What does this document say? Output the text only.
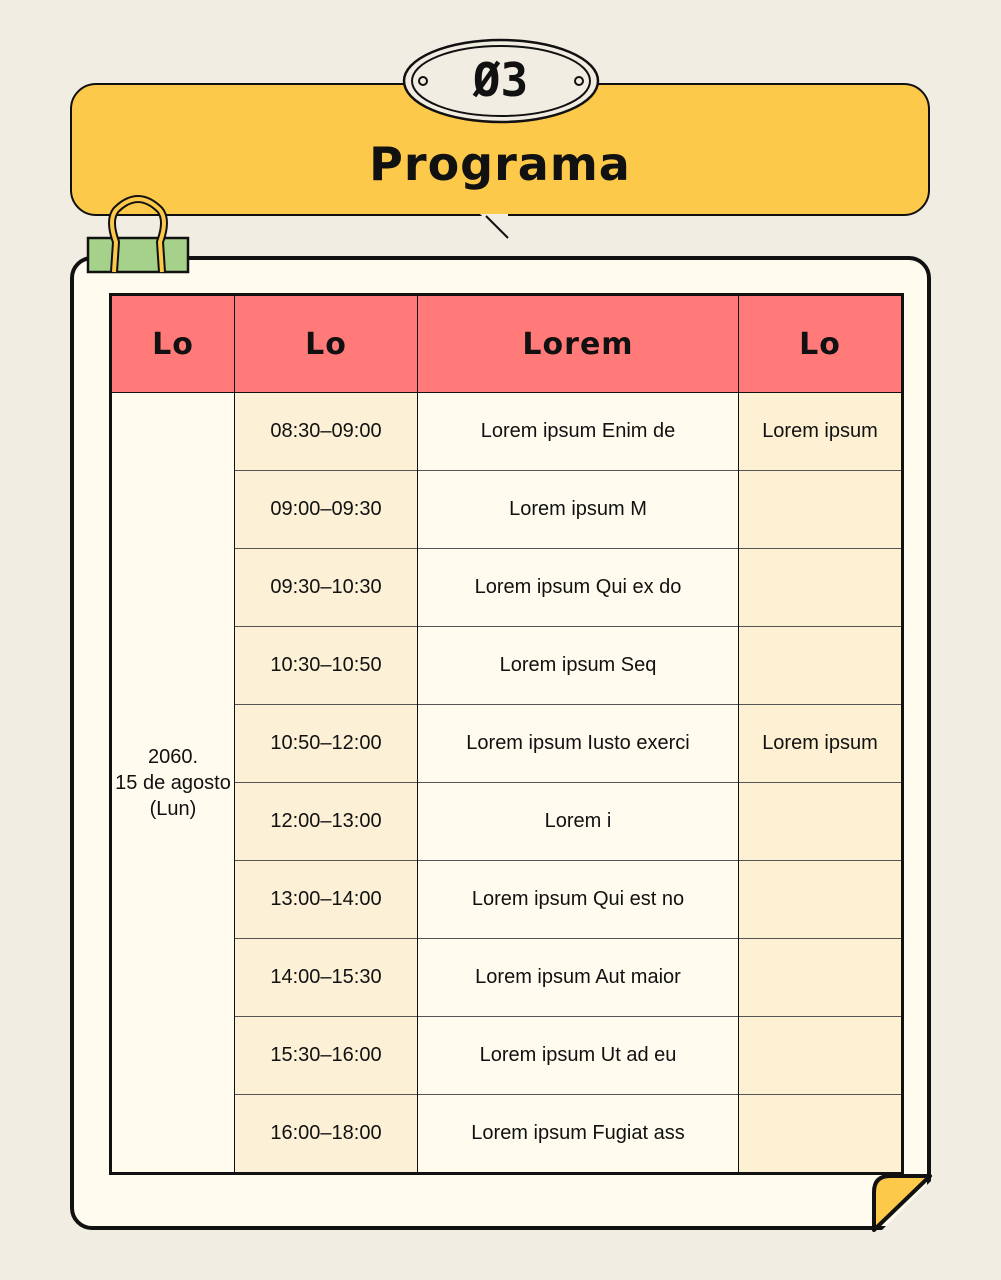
Programa
Ø3
Lo	Lo	Lorem	Lo

2060.
15 de agosto
(Lun)	08:30–09:00	Lorem ipsum Enim de	Lorem ipsum
	09:00–09:30	Lorem ipsum M	
	09:30–10:30	Lorem ipsum Qui ex do	
	10:30–10:50	Lorem ipsum Seq	
	10:50–12:00	Lorem ipsum Iusto exerci	Lorem ipsum
	12:00–13:00	Lorem i	
	13:00–14:00	Lorem ipsum Qui est no	
	14:00–15:30	Lorem ipsum Aut maior	
	15:30–16:00	Lorem ipsum Ut ad eu	
	16:00–18:00	Lorem ipsum Fugiat ass	
